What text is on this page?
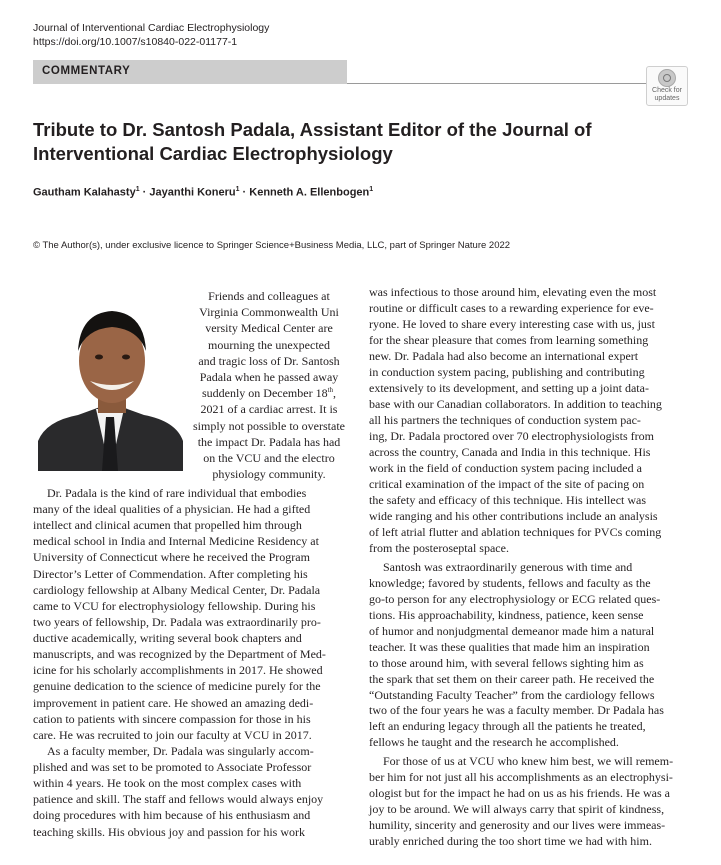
Journal of Interventional Cardiac Electrophysiology
https://doi.org/10.1007/s10840-022-01177-1
COMMENTARY
Check for
updates
Tribute to Dr. Santosh Padala, Assistant Editor of the Journal of Interventional Cardiac Electrophysiology
Gautham Kalahasty$^1$ · Jayanthi Koneru$^1$ · Kenneth A. Ellenbogen$^1$
© The Author(s), under exclusive licence to Springer Science+Business Media, LLC, part of Springer Nature 2022
Friends and colleagues at
Virginia Commonwealth Uni
versity Medical Center are
mourning the unexpected
and tragic loss of Dr. Santosh
Padala when he passed away
suddenly on December 18th,
2021 of a cardiac arrest. It is
simply not possible to overstate
the impact Dr. Padala has had
on the VCU and the electro
physiology community.
Dr. Padala is the kind of rare individual that embodies
many of the ideal qualities of a physician. He had a gifted
intellect and clinical acumen that propelled him through
medical school in India and Internal Medicine Residency at
University of Connecticut where he received the Program
Director’s Letter of Commendation. After completing his
cardiology fellowship at Albany Medical Center, Dr. Padala
came to VCU for electrophysiology fellowship. During his
two years of fellowship, Dr. Padala was extraordinarily pro-
ductive academically, writing several book chapters and
manuscripts, and was recognized by the Department of Med-
icine for his scholarly accomplishments in 2017. He showed
genuine dedication to the science of medicine purely for the
improvement in patient care. He showed an amazing dedi-
cation to patients with sincere compassion for those in his
care. He was recruited to join our faculty at VCU in 2017.
As a faculty member, Dr. Padala was singularly accom-
plished and was set to be promoted to Associate Professor
within 4 years. He took on the most complex cases with
patience and skill. The staff and fellows would always enjoy
doing procedures with him because of his enthusiasm and
teaching skills. His obvious joy and passion for his work
was infectious to those around him, elevating even the most
routine or difficult cases to a rewarding experience for eve-
ryone. He loved to share every interesting case with us, just
for the shear pleasure that comes from learning something
new. Dr. Padala had also become an international expert
in conduction system pacing, publishing and contributing
extensively to its development, and setting up a joint data-
base with our Canadian collaborators. In addition to teaching
all his partners the techniques of conduction system pac-
ing, Dr. Padala proctored over 70 electrophysiologists from
across the country, Canada and India in this technique. His
work in the field of conduction system pacing included a
critical examination of the impact of the site of pacing on
the safety and efficacy of this technique. His intellect was
wide ranging and his other contributions include an analysis
of left atrial flutter and ablation techniques for PVCs coming
from the posteroseptal space.
Santosh was extraordinarily generous with time and
knowledge; favored by students, fellows and faculty as the
go-to person for any electrophysiology or ECG related ques-
tions. His approachability, kindness, patience, keen sense
of humor and nonjudgmental demeanor made him a natural
teacher. It was these qualities that made him an inspiration
to those around him, with several fellows sighting him as
the spark that set them on their career path. He received the
“Outstanding Faculty Teacher” from the cardiology fellows
two of the four years he was a faculty member. Dr Padala has
left an enduring legacy through all the patients he treated,
fellows he taught and the research he accomplished.
For those of us at VCU who knew him best, we will remem-
ber him for not just all his accomplishments as an electrophysi-
ologist but for the impact he had on us as his friends. He was a
joy to be around. We will always carry that spirit of kindness,
humility, sincerity and generosity and our lives were immeas-
urably enriched during the too short time we had with him.
